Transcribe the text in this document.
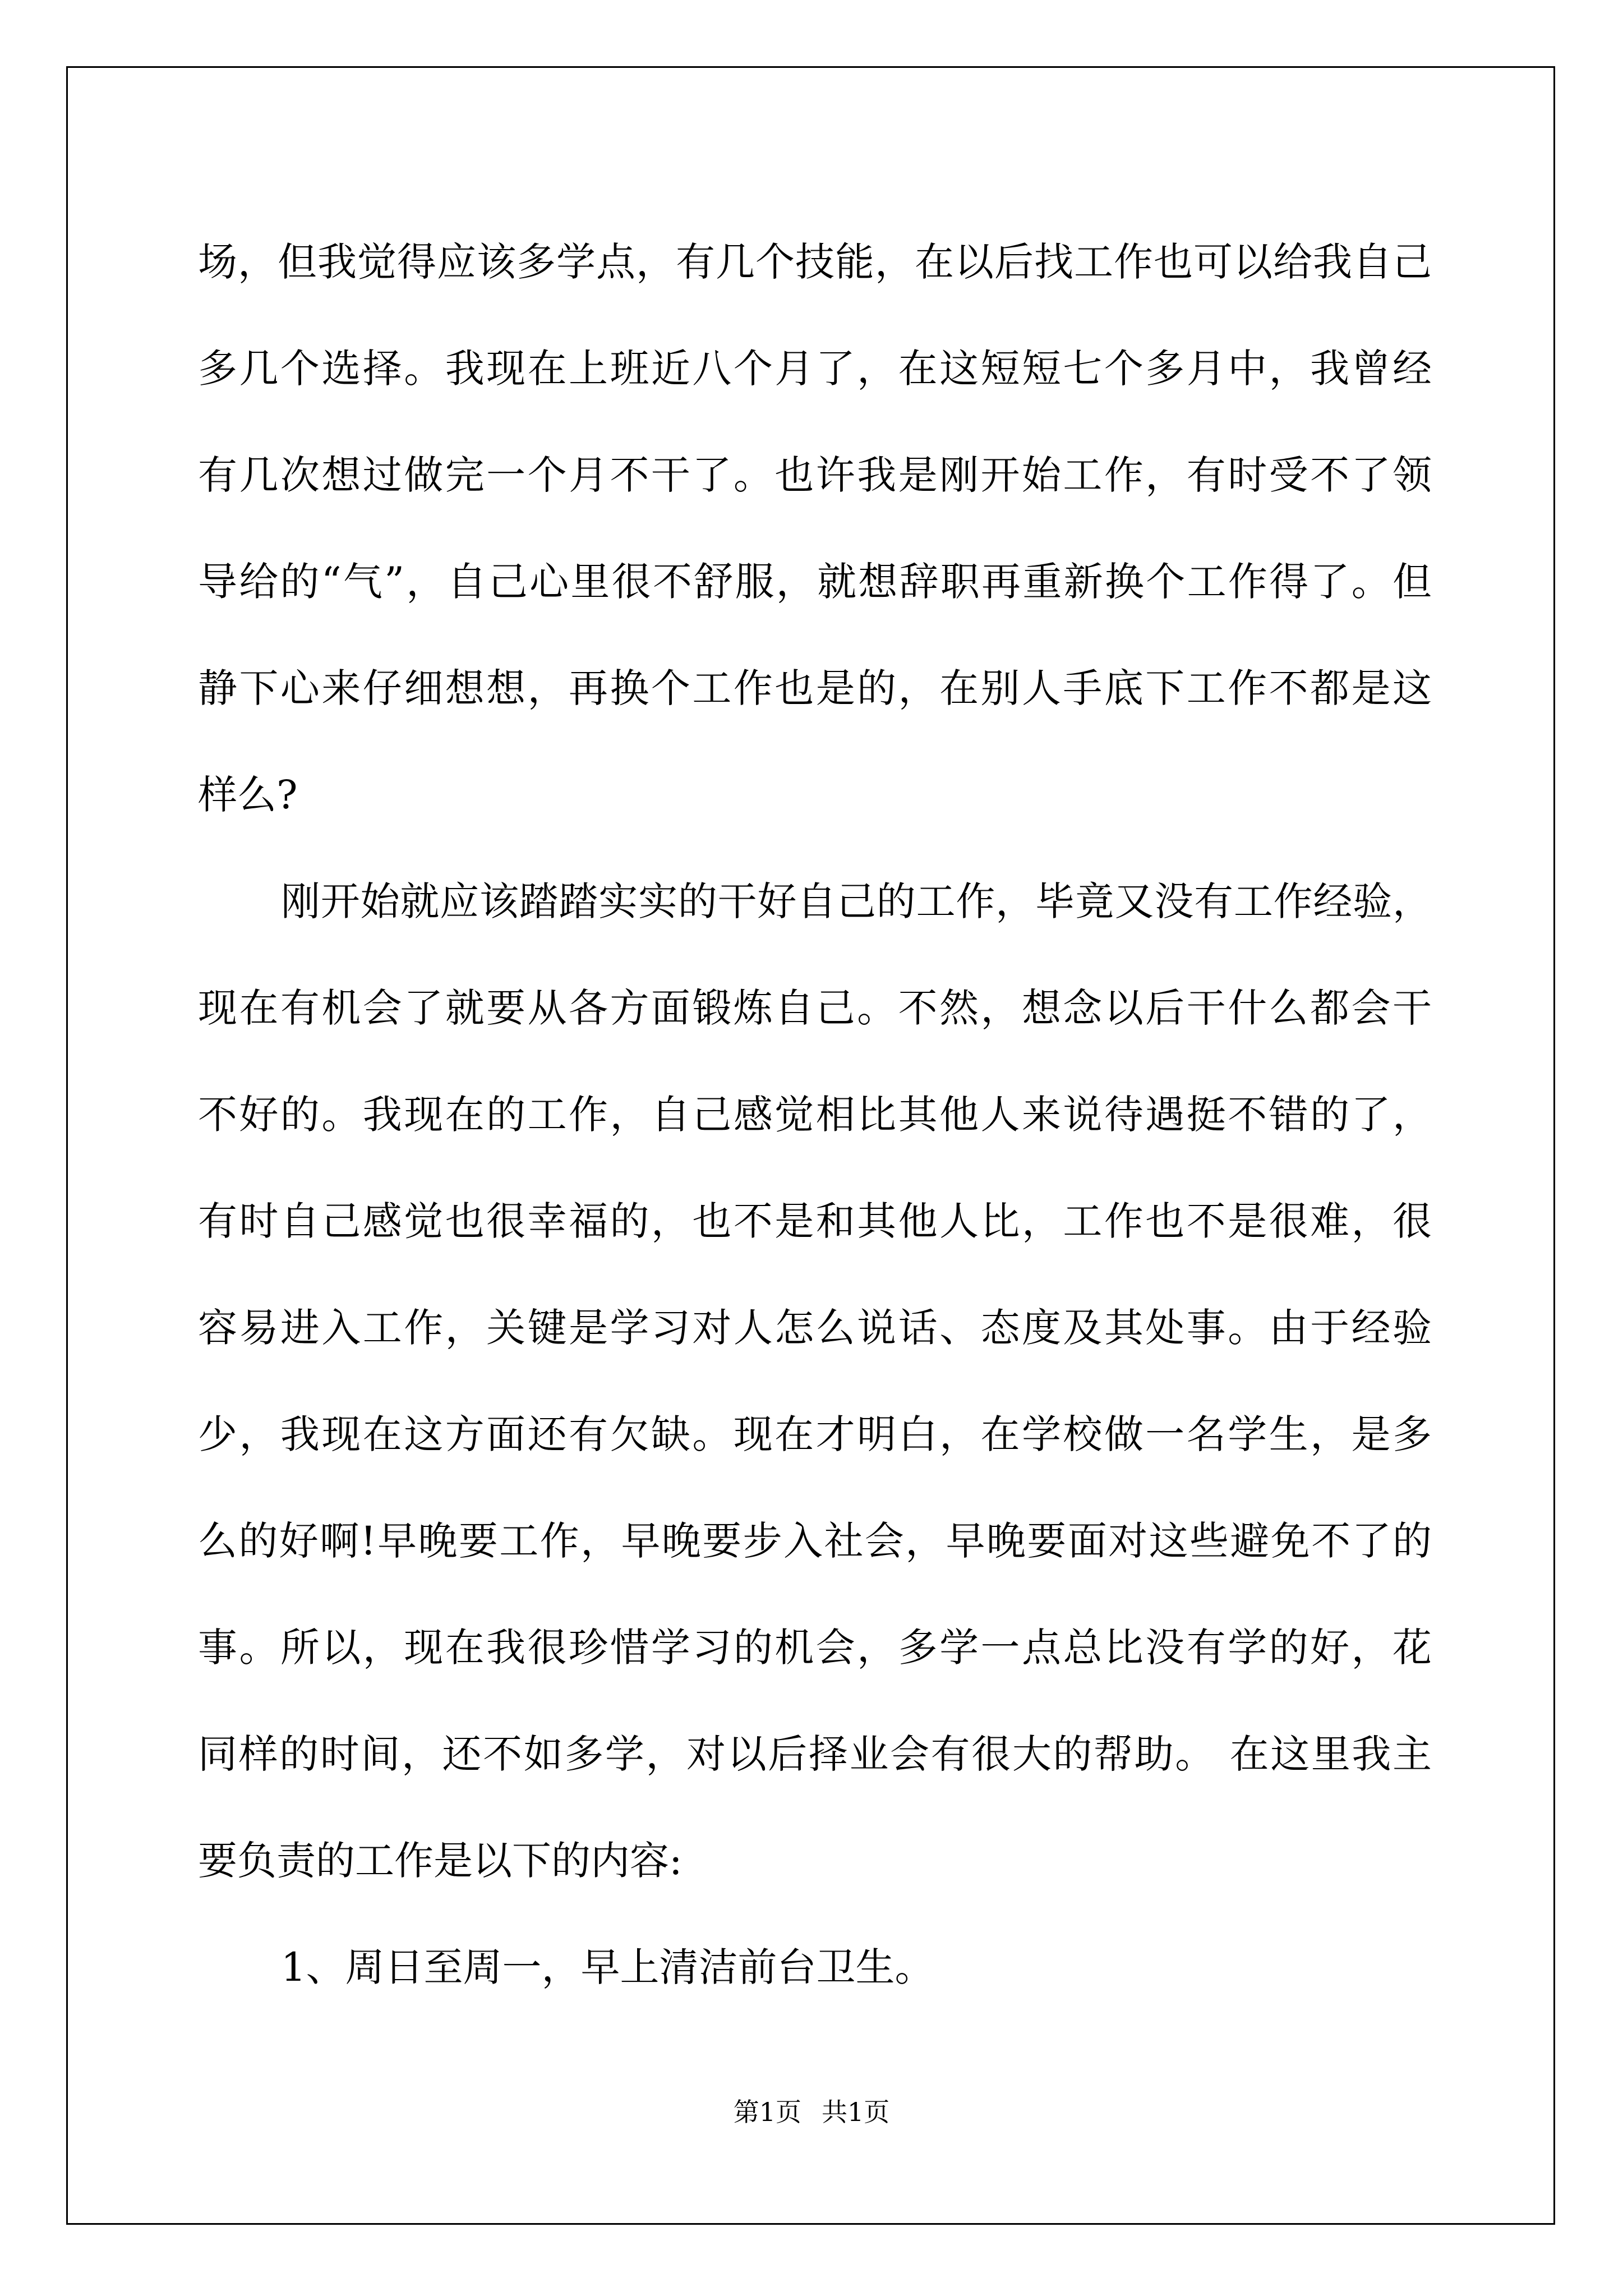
场，但我觉得应该多学点，有几个技能，在以后找工作也可以给我自己
多几个选择。我现在上班近八个月了，在这短短七个多月中，我曾经
有几次想过做完一个月不干了。也许我是刚开始工作，有时受不了领
导给的“气”，自己心里很不舒服，就想辞职再重新换个工作得了。但
静下心来仔细想想，再换个工作也是的，在别人手底下工作不都是这
样么?
刚开始就应该踏踏实实的干好自己的工作，毕竟又没有工作经验，
现在有机会了就要从各方面锻炼自己。不然，想念以后干什么都会干
不好的。我现在的工作，自己感觉相比其他人来说待遇挺不错的了，
有时自己感觉也很幸福的，也不是和其他人比，工作也不是很难，很
容易进入工作，关键是学习对人怎么说话、态度及其处事。由于经验
少，我现在这方面还有欠缺。现在才明白，在学校做一名学生，是多
么的好啊!早晚要工作，早晚要步入社会，早晚要面对这些避免不了的
事。所以，现在我很珍惜学习的机会，多学一点总比没有学的好，花
同样的时间，还不如多学，对以后择业会有很大的帮助。 在这里我主
要负责的工作是以下的内容:
1、周日至周一，早上清洁前台卫生。
第1页 共1页
